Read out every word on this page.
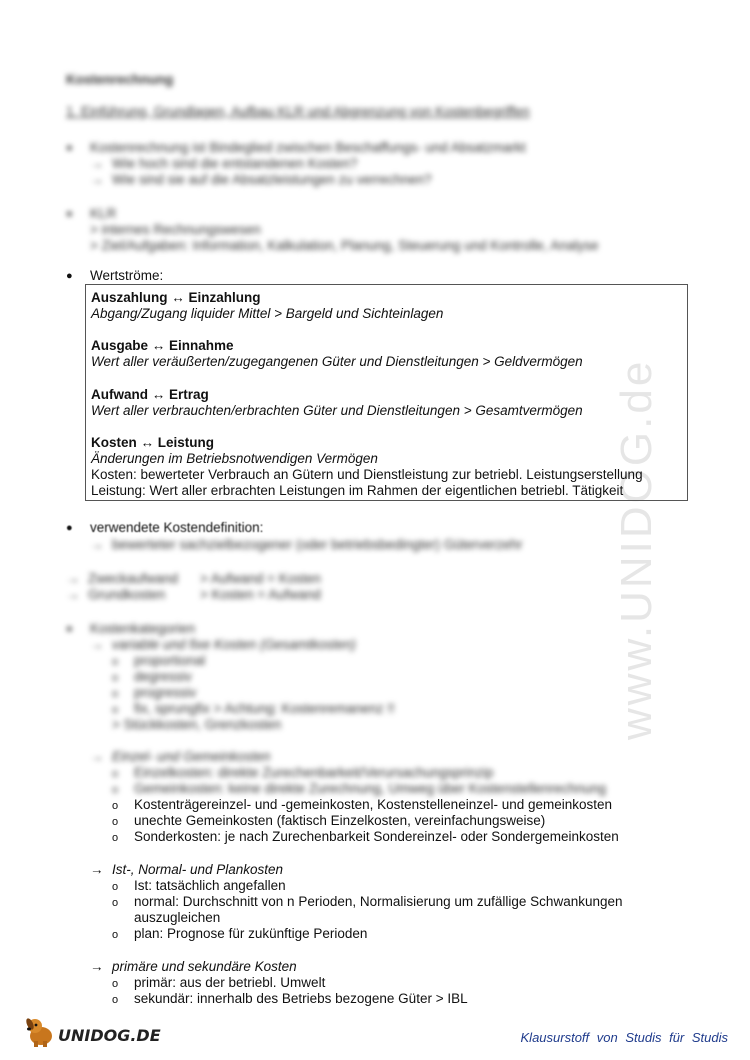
www.UNIDOG.de
Kostenrechnung
1. Einführung, Grundlagen, Aufbau KLR und Abgrenzung von Kostenbegriffen
● Kostenrechnung ist Bindeglied zwischen Beschaffungs- und Absatzmarkt
→ Wie hoch sind die entstandenen Kosten?
→ Wie sind sie auf die Absatzleistungen zu verrechnen?
● KLR
> internes Rechnungswesen
> Ziel/Aufgaben: Information, Kalkulation, Planung, Steuerung und Kontrolle, Analyse
● Wertströme:
Auszahlung ↔ Einzahlung
Abgang/Zugang liquider Mittel > Bargeld und Sichteinlagen
Ausgabe ↔ Einnahme
Wert aller veräußerten/zugegangenen Güter und Dienstleitungen > Geldvermögen
Aufwand ↔ Ertrag
Wert aller verbrauchten/erbrachten Güter und Dienstleitungen > Gesamtvermögen
Kosten ↔ Leistung
Änderungen im Betriebsnotwendigen Vermögen
Kosten: bewerteter Verbrauch an Gütern und Dienstleistung zur betriebl. Leistungserstellung
Leistung: Wert aller erbrachten Leistungen im Rahmen der eigentlichen betriebl. Tätigkeit
● verwendete Kostendefinition:
→ bewerteter sachzielbezogener (oder betriebsbedingter) Güterverzehr
→ Zweckaufwand > Aufwand = Kosten
→ Grundkosten	> Kosten = Aufwand
● Kostenkategorien
→ variable und fixe Kosten (Gesamtkosten)
o proportional
o degressiv
o progressiv
o fix, sprungfix > Achtung: Kostenremanenz !!
> Stückkosten, Grenzkosten
→ Einzel- und Gemeinkosten
o Einzelkosten: direkte Zurechenbarkeit/Verursachungsprinzip
o Gemeinkosten: keine direkte Zurechnung, Umweg über Kostenstellenrechnung
o Kostenträgereinzel- und -gemeinkosten, Kostenstelleneinzel- und gemeinkosten
o unechte Gemeinkosten (faktisch Einzelkosten, vereinfachungsweise)
o Sonderkosten: je nach Zurechenbarkeit Sondereinzel- oder Sondergemeinkosten
→ Ist-, Normal- und Plankosten
o Ist: tatsächlich angefallen
o normal: Durchschnitt von n Perioden, Normalisierung um zufällige Schwankungen
auszugleichen
o plan: Prognose für zukünftige Perioden
→ primäre und sekundäre Kosten
o primär: aus der betriebl. Umwelt
o sekundär: innerhalb des Betriebs bezogene Güter > IBL
UNIDOG.DE	Klausurstoff von Studis für Studis
